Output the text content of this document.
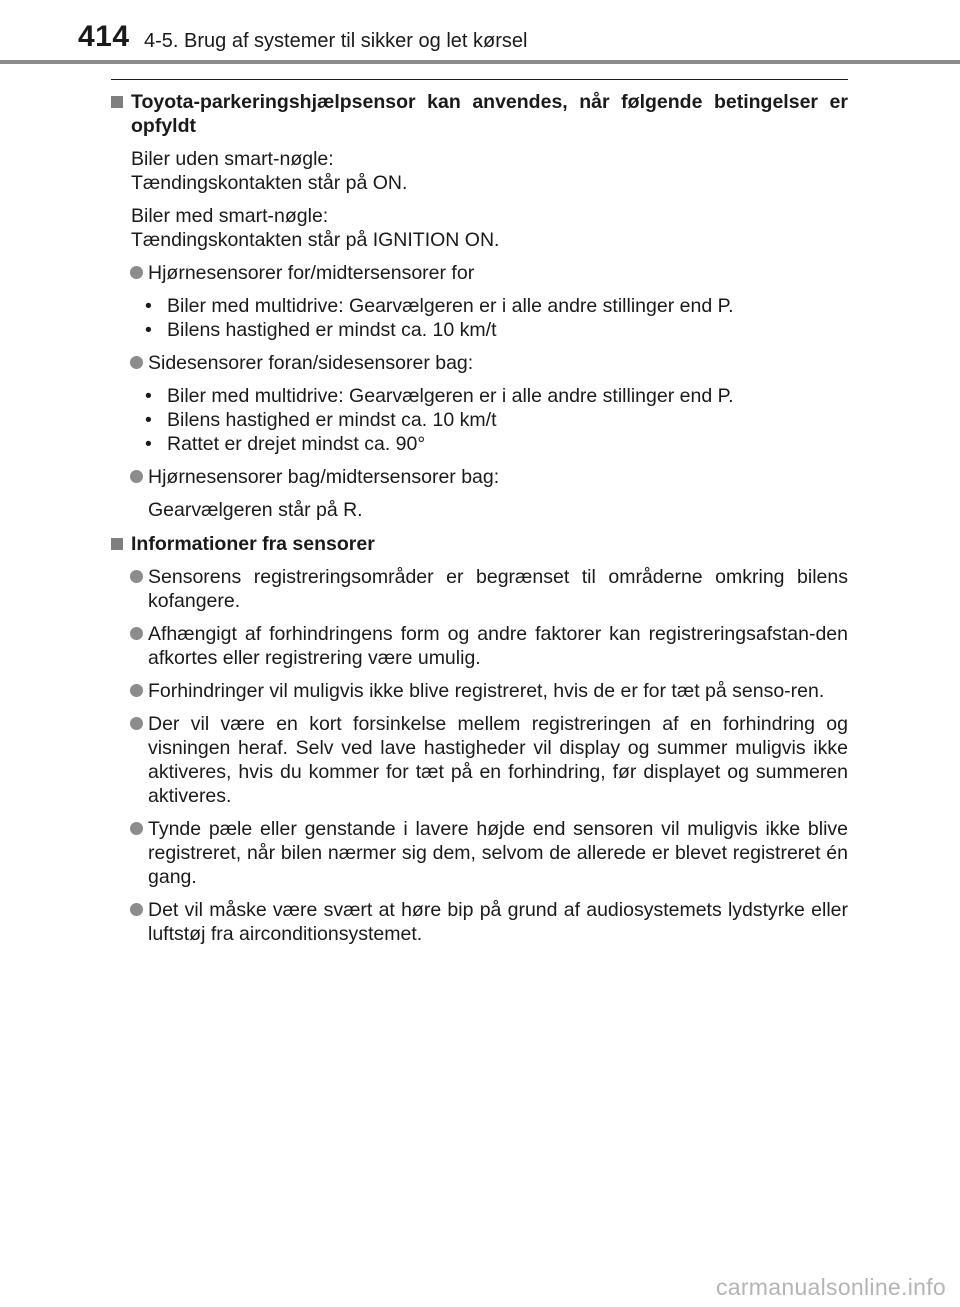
414 4-5. Brug af systemer til sikker og let kørsel
Toyota-parkeringshjælpsensor kan anvendes, når følgende betingelser er opfyldt
Biler uden smart-nøgle:
Tændingskontakten står på ON.
Biler med smart-nøgle:
Tændingskontakten står på IGNITION ON.
Hjørnesensorer for/midtersensorer for
• Biler med multidrive: Gearvælgeren er i alle andre stillinger end P.
• Bilens hastighed er mindst ca. 10 km/t
Sidesensorer foran/sidesensorer bag:
• Biler med multidrive: Gearvælgeren er i alle andre stillinger end P.
• Bilens hastighed er mindst ca. 10 km/t
• Rattet er drejet mindst ca. 90°
Hjørnesensorer bag/midtersensorer bag:
Gearvælgeren står på R.
Informationer fra sensorer
Sensorens registreringsområder er begrænset til områderne omkring bilens kofangere.
Afhængigt af forhindringens form og andre faktorer kan registreringsafstan-den afkortes eller registrering være umulig.
Forhindringer vil muligvis ikke blive registreret, hvis de er for tæt på senso-ren.
Der vil være en kort forsinkelse mellem registreringen af en forhindring og visningen heraf. Selv ved lave hastigheder vil display og summer muligvis ikke aktiveres, hvis du kommer for tæt på en forhindring, før displayet og summeren aktiveres.
Tynde pæle eller genstande i lavere højde end sensoren vil muligvis ikke blive registreret, når bilen nærmer sig dem, selvom de allerede er blevet registreret én gang.
Det vil måske være svært at høre bip på grund af audiosystemets lydstyrke eller luftstøj fra airconditionsystemet.
carmanualsonline.info
